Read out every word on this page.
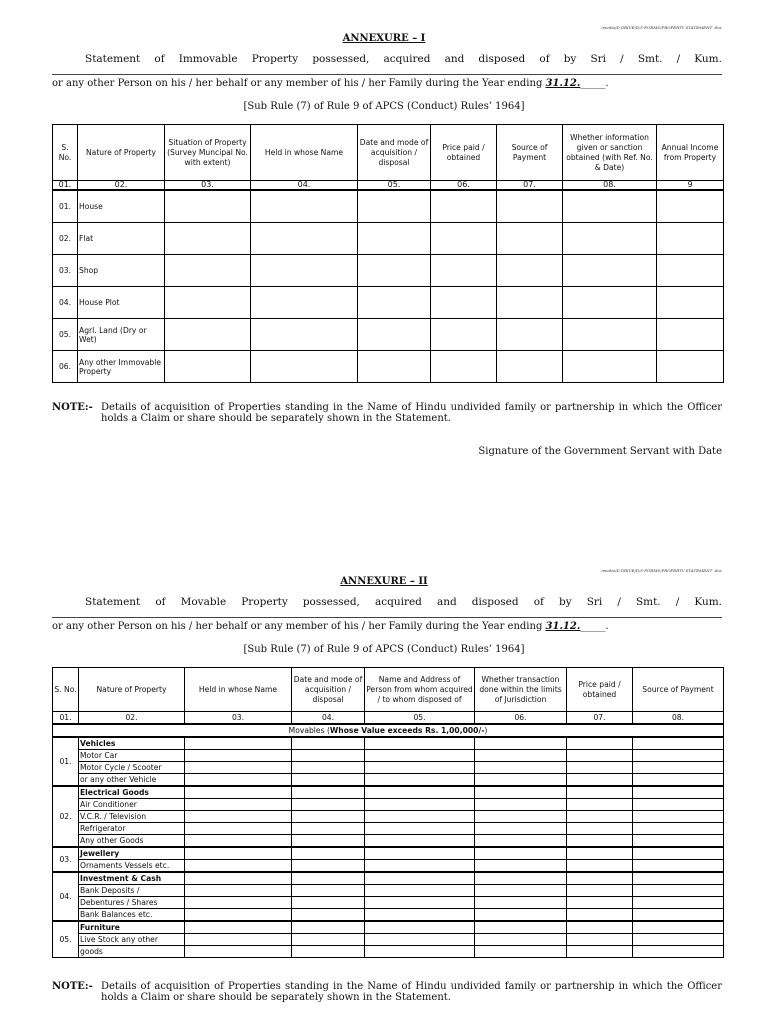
/media/D DRIVE/D/5-FORMS/PROPERTY STATEMENT .doc
ANNEXURE – I
Statement of Immovable Property possessed, acquired and disposed of by Sri / Smt. / Kum.
or any other Person on his / her behalf or any member of his / her Family during the Year ending 31.12._____.
[Sub Rule (7) of Rule 9 of APCS (Conduct) Rules’ 1964]
S. No.	Nature of Property	Situation of Property (Survey Muncipal No. with extent)	Held in whose Name	Date and mode of acquisition / disposal	Price paid / obtained	Source of Payment	Whether information given or sanction obtained (with Ref. No. & Date)	Annual Income from Property
01.	02.	03.	04.	05.	06.	07.	08.	9
01.	House							
02.	Flat							
03.	Shop							
04.	House Plot							
05.	Agrl. Land (Dry or Wet)							
06.	Any other Immovable Property							
NOTE:- Details of acquisition of Properties standing in the Name of Hindu undivided family or partnership in which the Officer holds a Claim or share should be separately shown in the Statement.
Signature of the Government Servant with Date
/media/D DRIVE/D/5-FORMS/PROPERTY STATEMENT .doc
ANNEXURE – II
Statement of Movable Property possessed, acquired and disposed of by Sri / Smt. / Kum.
or any other Person on his / her behalf or any member of his / her Family during the Year ending 31.12._____.
[Sub Rule (7) of Rule 9 of APCS (Conduct) Rules’ 1964]
S. No.	Nature of Property	Held in whose Name	Date and mode of acquisition / disposal	Name and Address of Person from whom acquired / to whom disposed of	Whether transaction done within the limits of Jurisdiction	Price paid / obtained	Source of Payment
01.	02.	03.	04.	05.	06.	07.	08.
Movables (Whose Value exceeds Rs. 1,00,000/-)							
01.	Vehicles						
	Motor Car						
	Motor Cycle / Scooter						
	or any other Vehicle						
02.	Electrical Goods						
	Air Conditioner						
	V.C.R. / Television						
	Refrigerator						
	Any other Goods						
03.	Jewellery						
	Ornaments Vessels etc.						
04.	Investment & Cash						
	Bank Deposits /						
	Debentures / Shares						
	Bank Balances etc.						
05.	Furniture						
	Live Stock any other						
	goods						
NOTE:- Details of acquisition of Properties standing in the Name of Hindu undivided family or partnership in which the Officer holds a Claim or share should be separately shown in the Statement.
